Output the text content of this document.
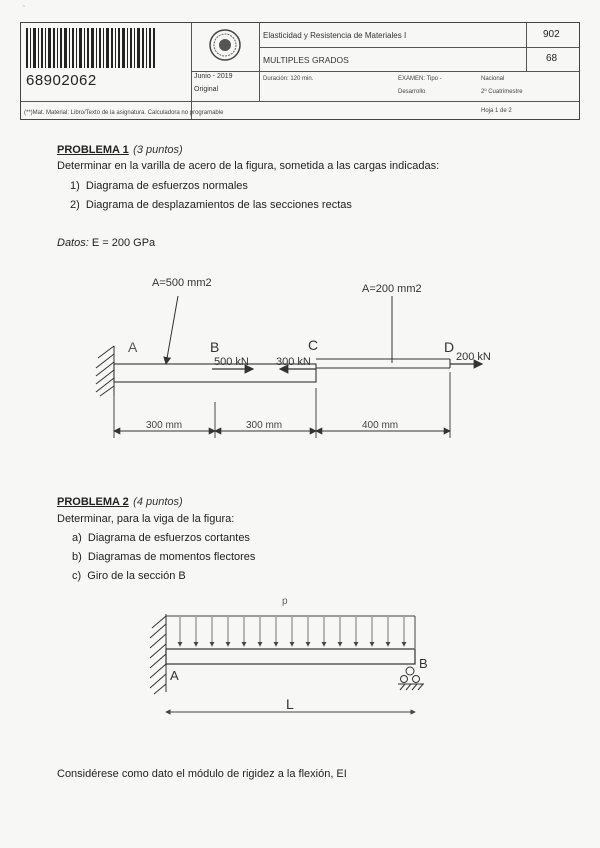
~
68902062	Junio - 2019
Original
Elasticidad y Resistencia de Materiales I	902
MULTIPLES GRADOS	68
Duración: 120 min.	EXAMEN: Tipo -
Desarrollo
Nacional
2º Cuatrimestre
(**)Mat. Material: Libro/Texto de la asignatura. Calculadora no programable	Hoja 1 de 2
PROBLEMA 1 (3 puntos)
Determinar en la varilla de acero de la figura, sometida a las cargas indicadas:
1) Diagrama de esfuerzos normales
2) Diagrama de desplazamientos de las secciones rectas
Datos: E = 200 GPa
A=500 mm2	A=200 mm2
A	B	C	D
500 kN 300 kN	200 kN
300 mm	300 mm	400 mm
PROBLEMA 2 (4 puntos)
Determinar, para la viga de la figura:
a) Diagrama de esfuerzos cortantes
b) Diagramas de momentos flectores
c) Giro de la sección B
p
A
B
L
Considérese como dato el módulo de rigidez a la flexión, EI
